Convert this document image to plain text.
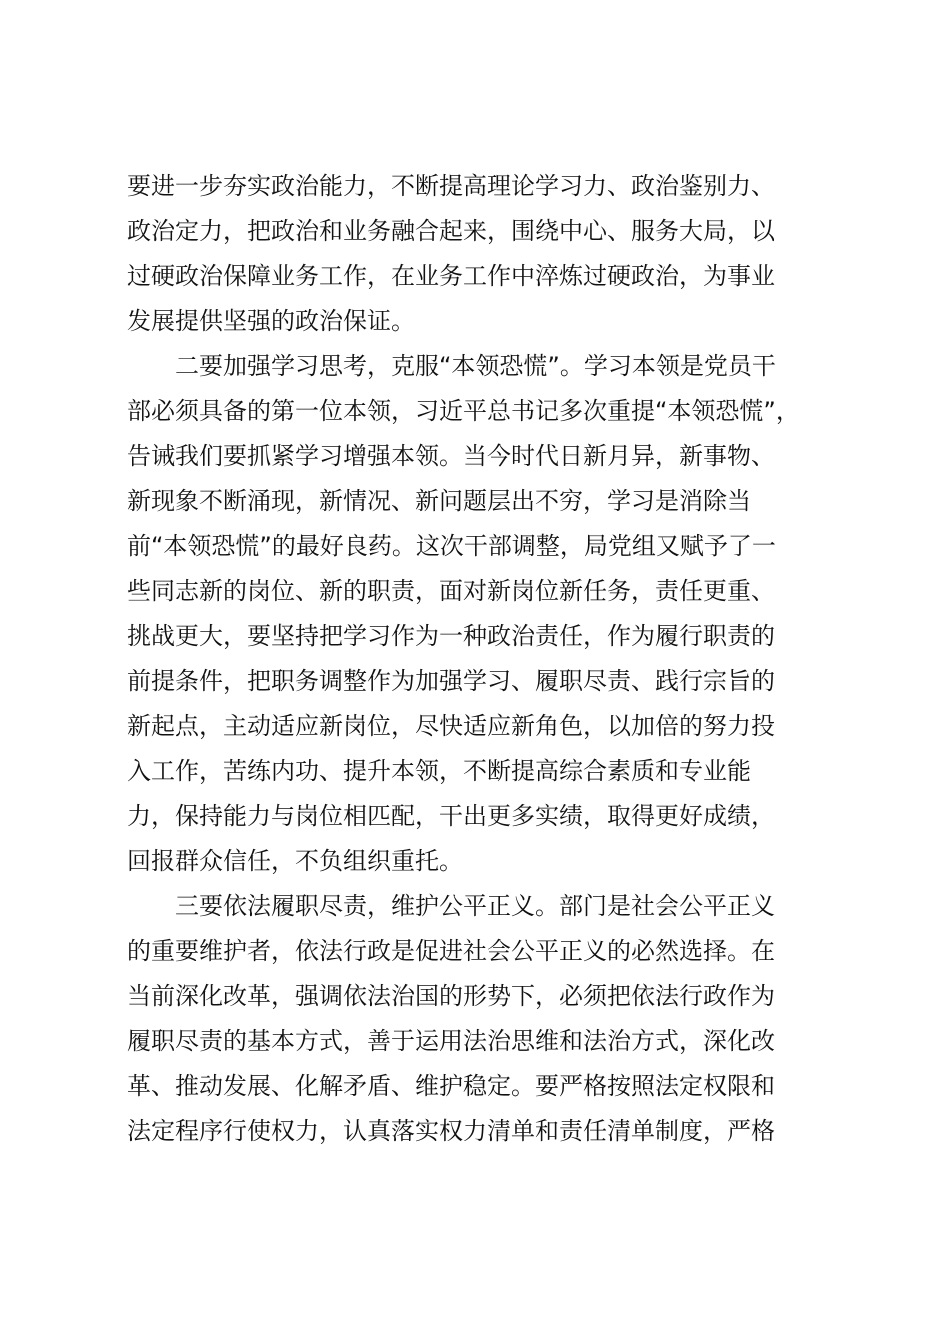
要进一步夯实政治能力，不断提高理论学习力、政治鉴别力、
政治定力，把政治和业务融合起来，围绕中心、服务大局，以
过硬政治保障业务工作，在业务工作中淬炼过硬政治，为事业
发展提供坚强的政治保证。
　　二要加强学习思考，克服“本领恐慌”。学习本领是党员干
部必须具备的第一位本领，习近平总书记多次重提“本领恐慌”，
告诫我们要抓紧学习增强本领。当今时代日新月异，新事物、
新现象不断涌现，新情况、新问题层出不穷，学习是消除当
前“本领恐慌”的最好良药。这次干部调整，局党组又赋予了一
些同志新的岗位、新的职责，面对新岗位新任务，责任更重、
挑战更大，要坚持把学习作为一种政治责任，作为履行职责的
前提条件，把职务调整作为加强学习、履职尽责、践行宗旨的
新起点，主动适应新岗位，尽快适应新角色，以加倍的努力投
入工作，苦练内功、提升本领，不断提高综合素质和专业能
力，保持能力与岗位相匹配，干出更多实绩，取得更好成绩，
回报群众信任，不负组织重托。
　　三要依法履职尽责，维护公平正义。部门是社会公平正义
的重要维护者，依法行政是促进社会公平正义的必然选择。在
当前深化改革，强调依法治国的形势下，必须把依法行政作为
履职尽责的基本方式，善于运用法治思维和法治方式，深化改
革、推动发展、化解矛盾、维护稳定。要严格按照法定权限和
法定程序行使权力，认真落实权力清单和责任清单制度，严格
